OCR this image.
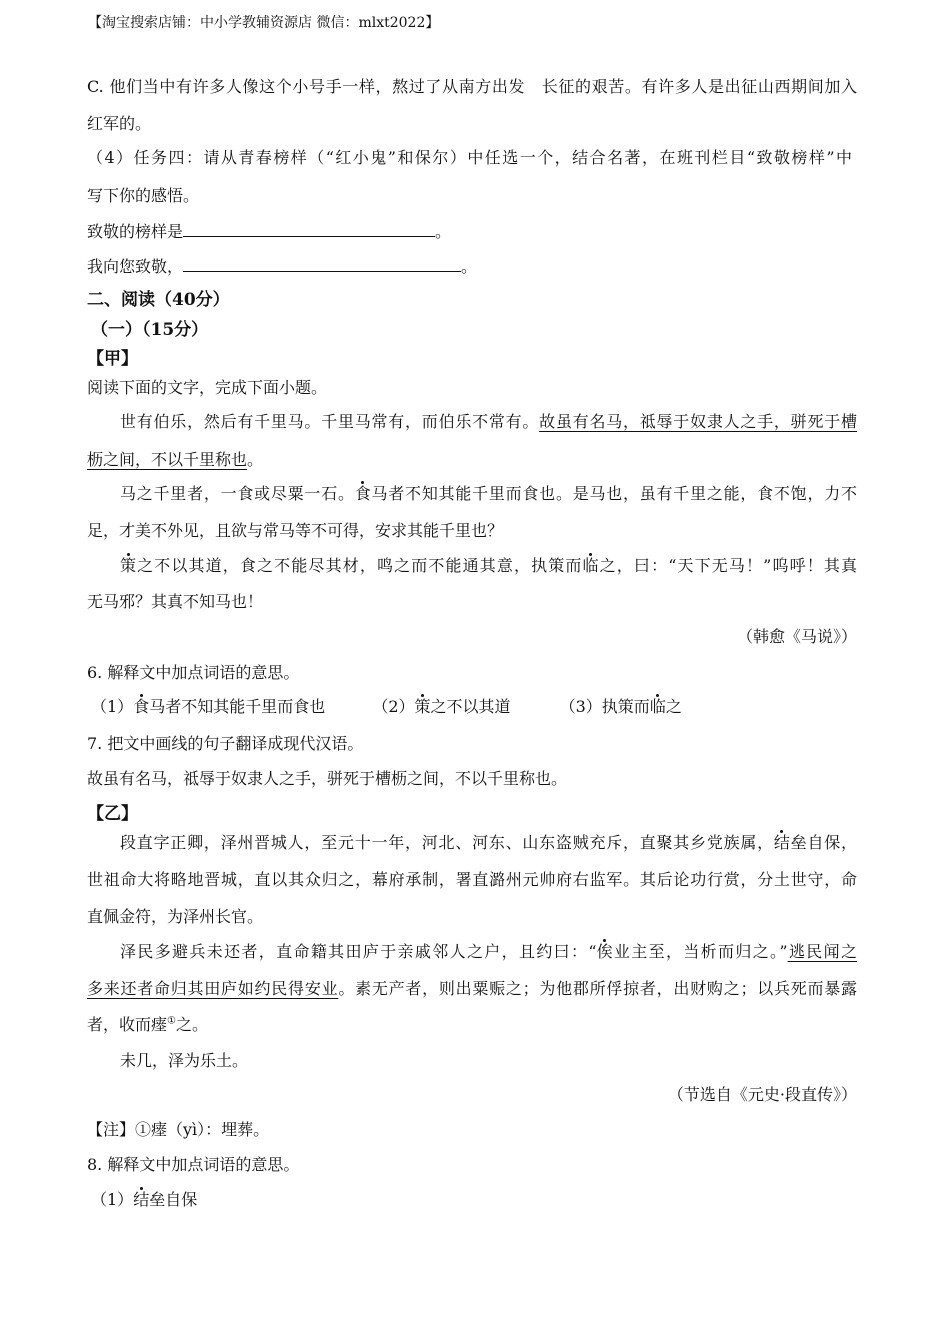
【淘宝搜索店铺：中小学教辅资源店 微信：mlxt2022】
C. 他们当中有许多人像这个小号手一样，熬过了从南方出发　长征的艰苦。有许多人是出征山西期间加入
红军的。
（4）任务四：请从青春榜样（“红小鬼”和保尔）中任选一个，结合名著，在班刊栏目“致敬榜样”中
写下你的感悟。
致敬的榜样是	。
我向您致敬，	。
二、阅读（40分）
（一）（15分）
【甲】
阅读下面的文字，完成下面小题。
世有伯乐，然后有千里马。千里马常有，而伯乐不常有。故虽有名马，祗辱于奴隶人之手，骈死于槽
枥之间，不以千里称也。
马之千里者，一食或尽粟一石。食马者不知其能千里而食也。是马也，虽有千里之能，食不饱，力不
足，才美不外见，且欲与常马等不可得，安求其能千里也？
策之不以其道，食之不能尽其材，鸣之而不能通其意，执策而临之，曰：“天下无马！”呜呼！其真
无马邪？其真不知马也！
（韩愈《马说》）
6. 解释文中加点词语的意思。
（1）食马者不知其能千里而食也	（2）策之不以其道	（3）执策而临之
7. 把文中画线的句子翻译成现代汉语。
故虽有名马，祗辱于奴隶人之手，骈死于槽枥之间，不以千里称也。
【乙】
段直字正卿，泽州晋城人，至元十一年，河北、河东、山东盗贼充斥，直聚其乡党族属，结垒自保，
世祖命大将略地晋城，直以其众归之，幕府承制，署直潞州元帅府右监军。其后论功行赏，分土世守，命
直佩金符，为泽州长官。
泽民多避兵未还者，直命籍其田庐于亲戚邻人之户，且约曰：“俟业主至，当析而归之。”逃民闻之
多来还者命归其田庐如约民得安业。素无产者，则出粟赈之；为他郡所俘掠者，出财购之；以兵死而暴露
者，收而瘗①之。
未几，泽为乐土。
（节选自《元史·段直传》）
【注】①瘗（yì）：埋葬。
8. 解释文中加点词语的意思。
（1）结垒自保
